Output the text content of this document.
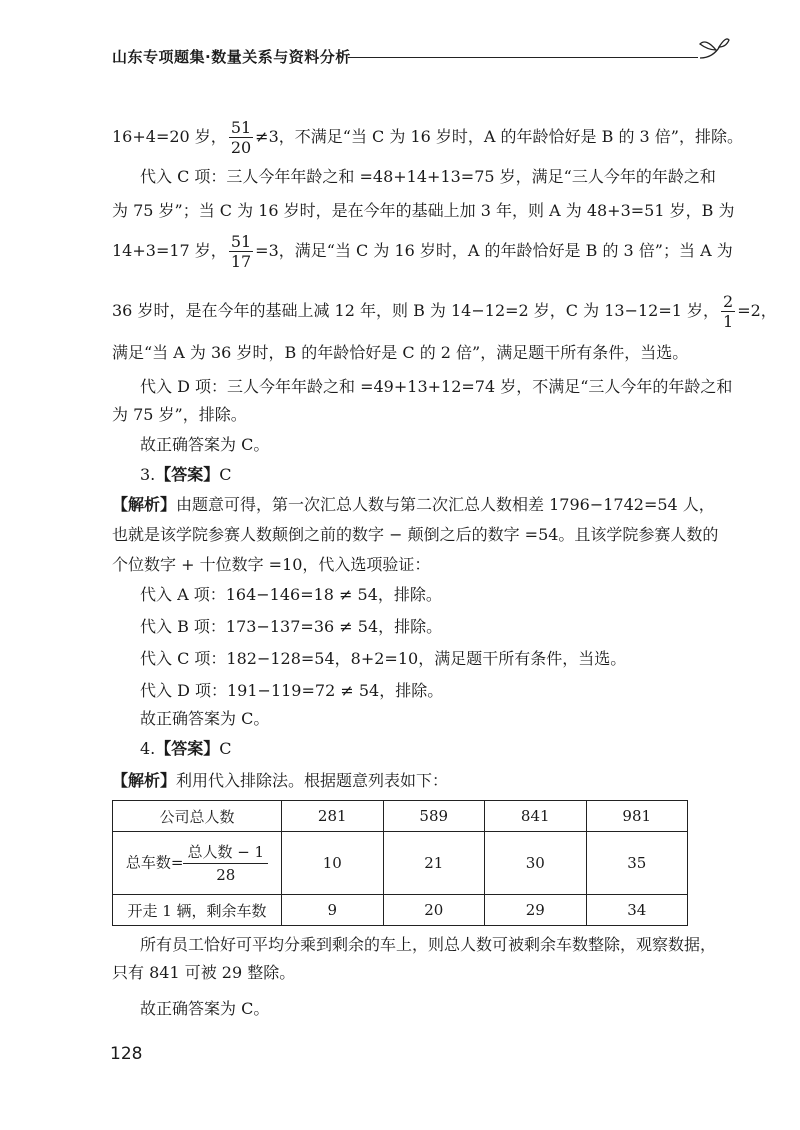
山东专项题集·数量关系与资料分析
16+4=20 岁， $\frac{51}{20} \ne 3$，不满足“当 C 为 16 岁时，A 的年龄恰好是 B 的 3 倍”，排除。
代入 C 项：三人今年年龄之和 =48+14+13=75 岁，满足“三人今年的年龄之和
为 75 岁”；当 C 为 16 岁时，是在今年的基础上加 3 年，则 A 为 48+3=51 岁，B 为
14+3=17 岁， $\frac{51}{17} =3$，满足“当 C 为 16 岁时，A 的年龄恰好是 B 的 3 倍”；当 A 为
36 岁时，是在今年的基础上减 12 年，则 B 为 14−12=2 岁，C 为 13−12=1 岁， $\frac{2}{1} =2$，
满足“当 A 为 36 岁时，B 的年龄恰好是 C 的 2 倍”，满足题干所有条件，当选。
代入 D 项：三人今年年龄之和 =49+13+12=74 岁，不满足“三人今年的年龄之和
为 75 岁”，排除。
故正确答案为 C。
3.【答案】C
【解析】由题意可得，第一次汇总人数与第二次汇总人数相差 1796−1742=54 人，
也就是该学院参赛人数颠倒之前的数字 − 颠倒之后的数字 =54。且该学院参赛人数的
个位数字 + 十位数字 =10，代入选项验证：
代入 A 项：164−146=18 ≠ 54，排除。
代入 B 项：173−137=36 ≠ 54，排除。
代入 C 项：182−128=54，8+2=10，满足题干所有条件，当选。
代入 D 项：191−119=72 ≠ 54，排除。
故正确答案为 C。
4.【答案】C
【解析】利用代入排除法。根据题意列表如下：
公司总人数	281	589	841	981
总车数=
总人数 − 1
28	10	21	30	35
开走 1 辆，剩余车数	9	20	29	34
所有员工恰好可平均分乘到剩余的车上，则总人数可被剩余车数整除，观察数据，
只有 841 可被 29 整除。
故正确答案为 C。
128
